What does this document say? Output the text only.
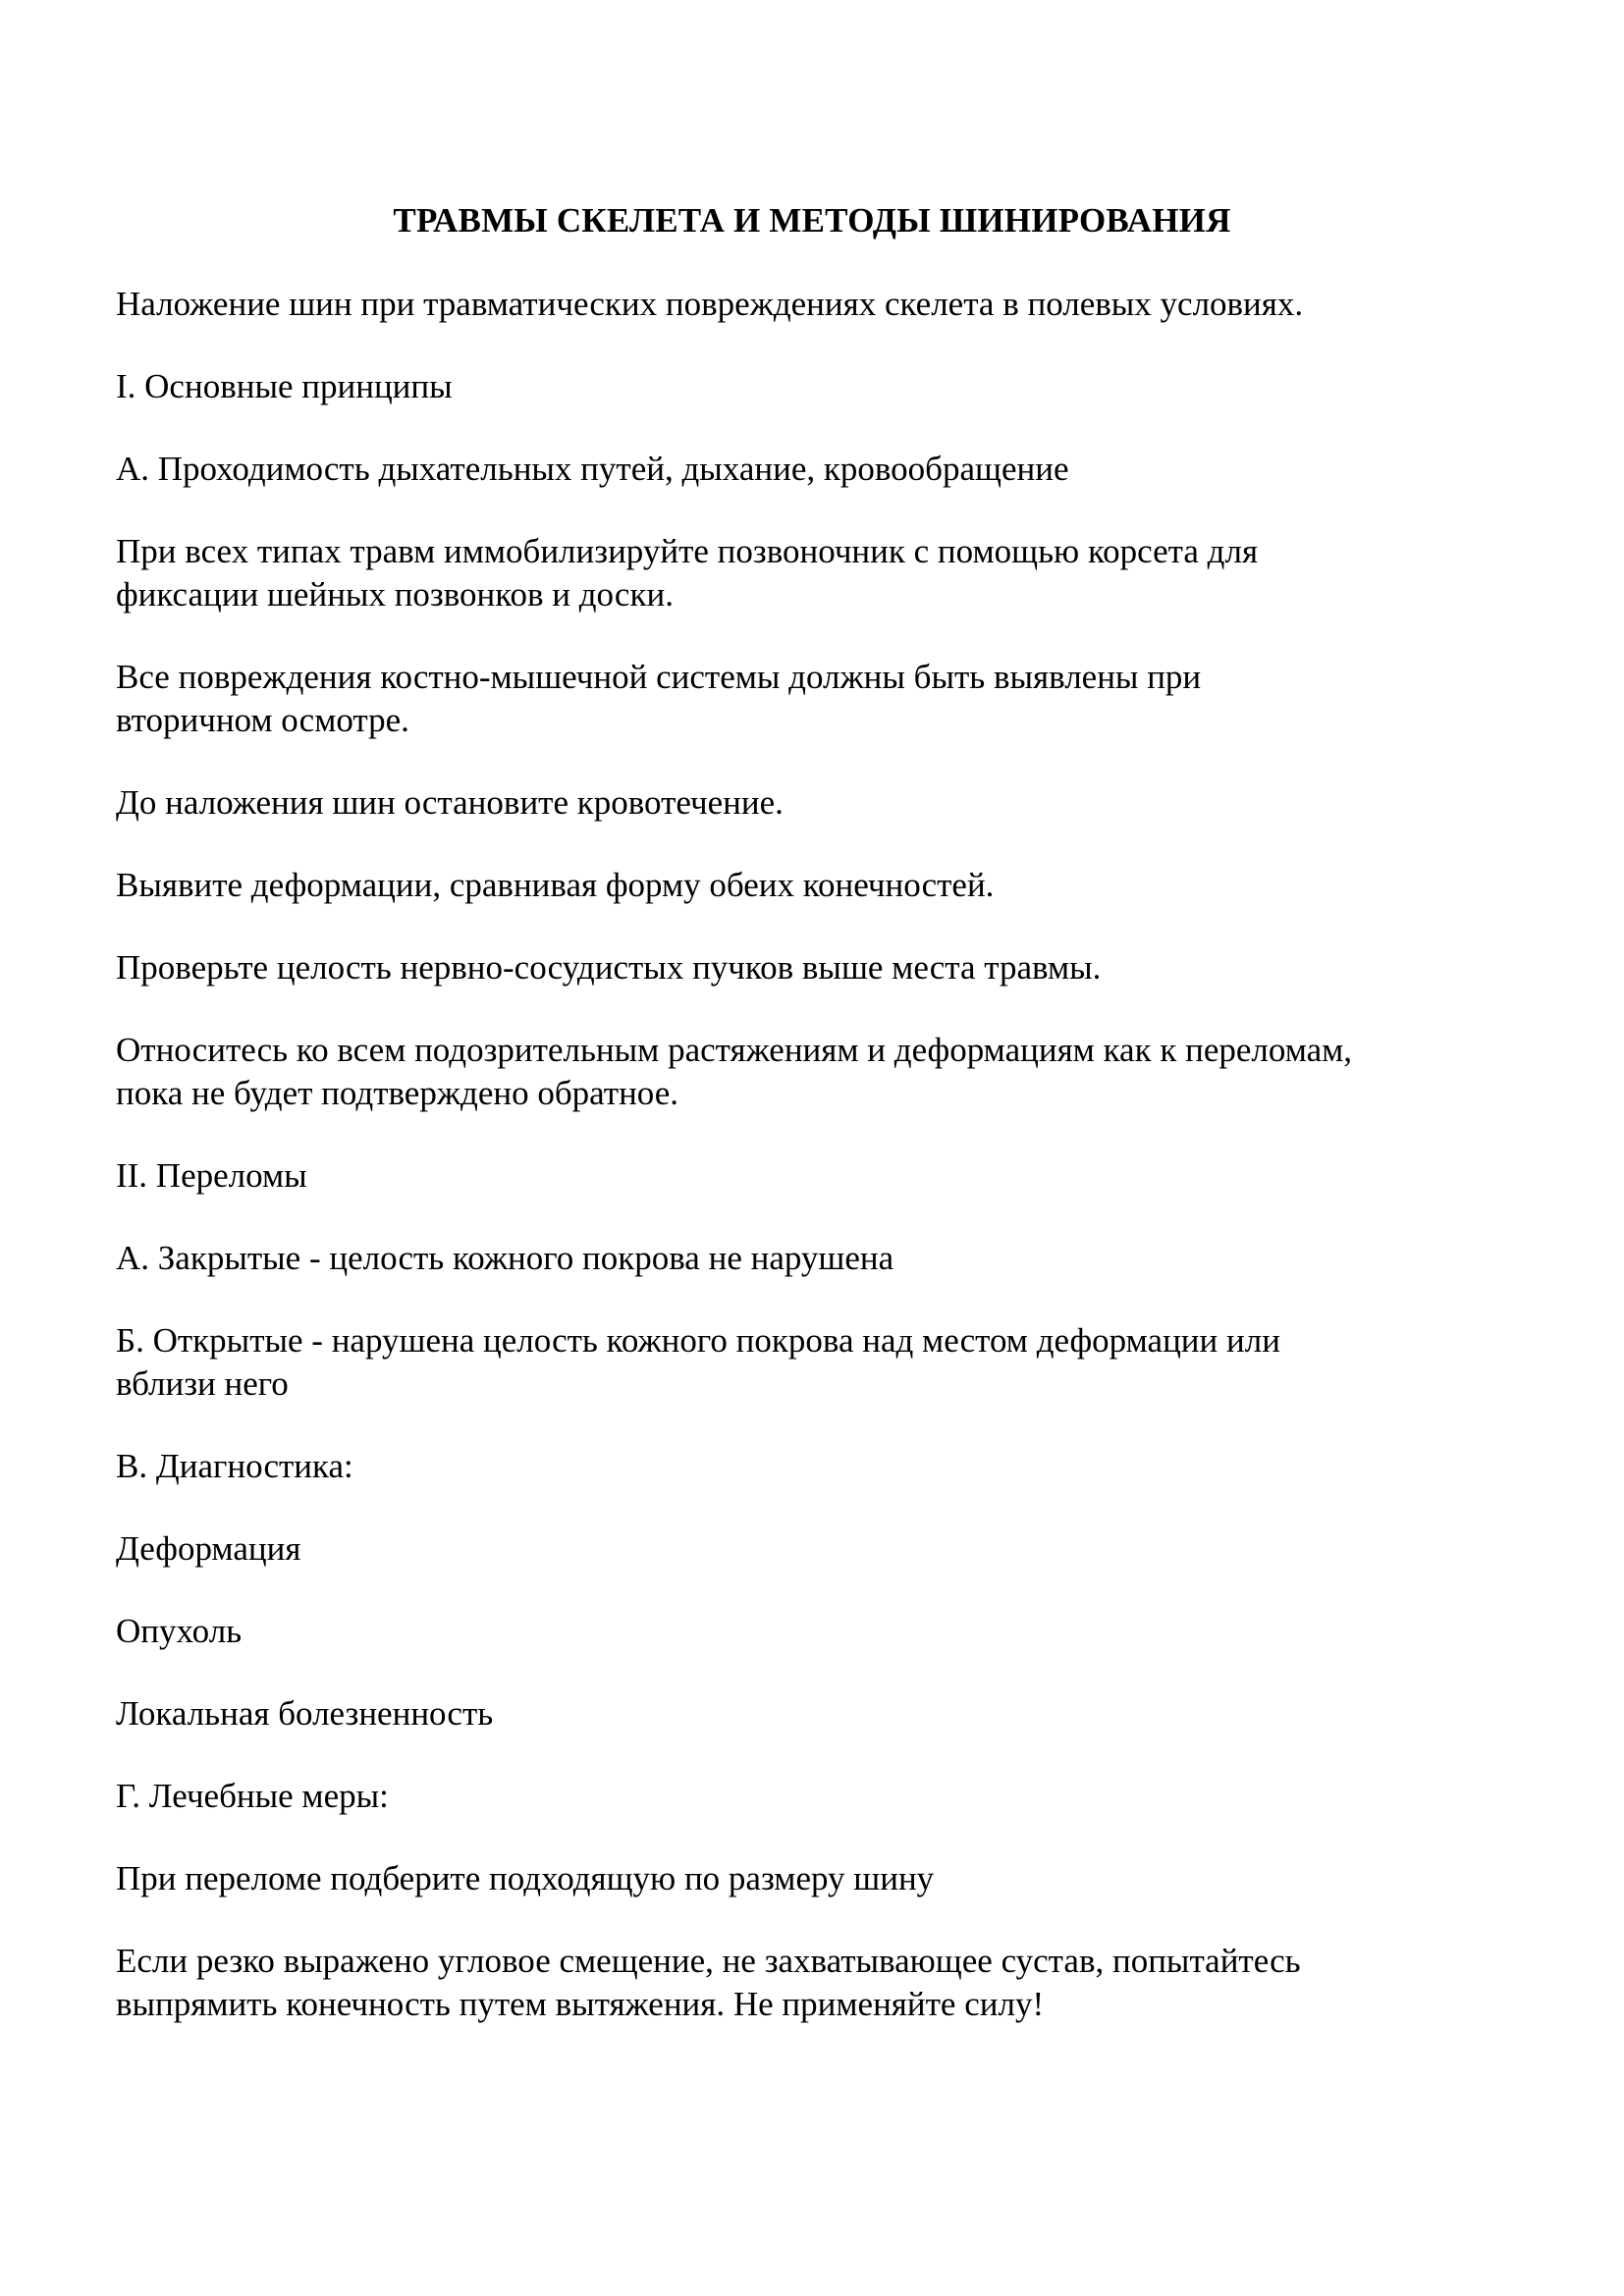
ТРАВМЫ СКЕЛЕТА И МЕТОДЫ ШИНИРОВАНИЯ

Наложение шин при травматических повреждениях скелета в полевых условиях.

I. Основные принципы

А. Проходимость дыхательных путей, дыхание, кровообращение

При всех типах травм иммобилизируйте позвоночник с помощью корсета для
фиксации шейных позвонков и доски.

Все повреждения костно-мышечной системы должны быть выявлены при
вторичном осмотре.

До наложения шин остановите кровотечение.

Выявите деформации, сравнивая форму обеих конечностей.

Проверьте целость нервно-сосудистых пучков выше места травмы.

Относитесь ко всем подозрительным растяжениям и деформациям как к переломам,
пока не будет подтверждено обратное.

II. Переломы

А. Закрытые - целость кожного покрова не нарушена

Б. Открытые - нарушена целость кожного покрова над местом деформации или
вблизи него

В. Диагностика:

Деформация

Опухоль

Локальная болезненность

Г. Лечебные меры:

При переломе подберите подходящую по размеру шину

Если резко выражено угловое смещение, не захватывающее сустав, попытайтесь
выпрямить конечность путем вытяжения. Не применяйте силу!
